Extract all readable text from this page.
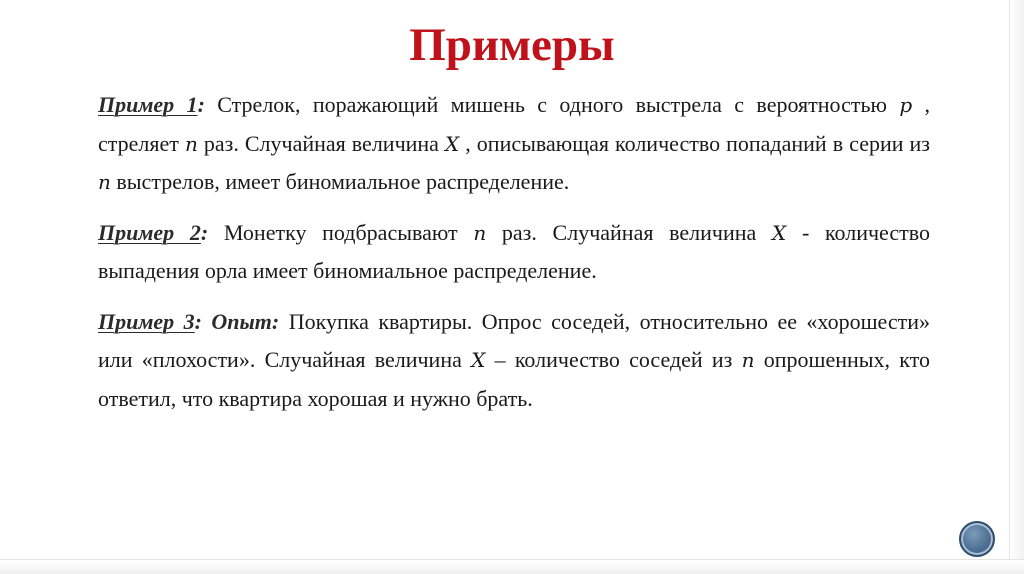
Примеры

Пример 1: Стрелок, поражающий мишень с одного выстрела с вероятностью p , стреляет n раз. Случайная величина X , описывающая количество попаданий в серии из n выстрелов, имеет биномиальное распределение.

Пример 2: Монетку подбрасывают n раз. Случайная величина X - количество выпадения орла имеет биномиальное распределение.

Пример 3: Опыт: Покупка квартиры. Опрос соседей, относительно ее «хорошести» или «плохости». Случайная величина X – количество соседей из n опрошенных, кто ответил, что квартира хорошая и нужно брать.
